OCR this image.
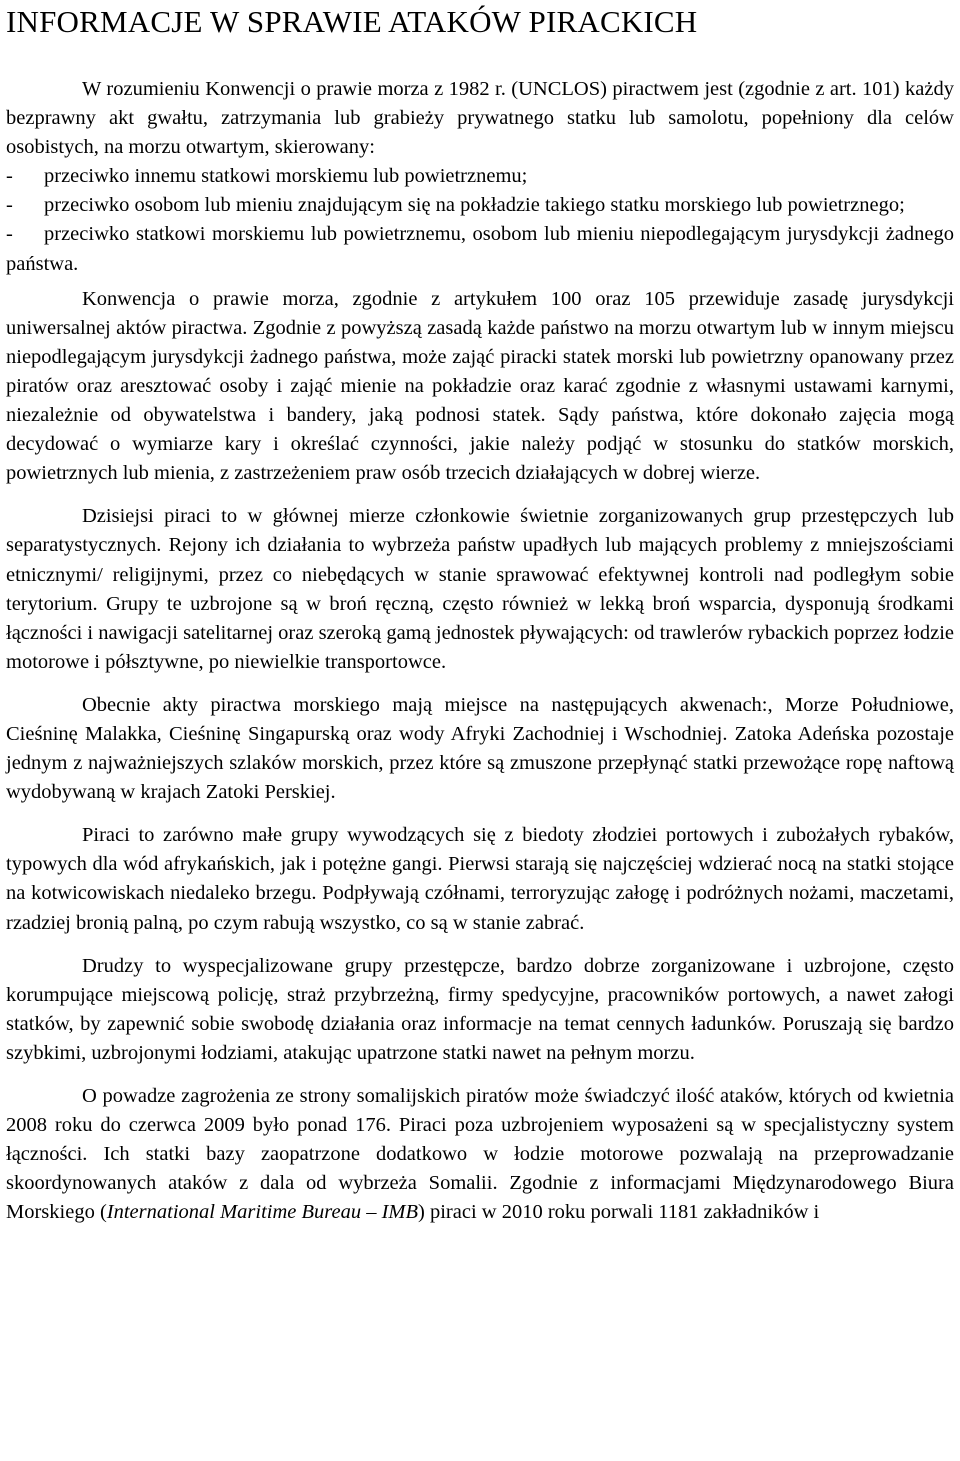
INFORMACJE W SPRAWIE ATAKÓW PIRACKICH

W rozumieniu Konwencji o prawie morza z 1982 r. (UNCLOS) piractwem jest (zgodnie z art. 101) każdy bezprawny akt gwałtu, zatrzymania lub grabieży prywatnego statku lub samolotu, popełniony dla celów osobistych, na morzu otwartym, skierowany:

-	przeciwko innemu statkowi morskiemu lub powietrznemu;
- przeciwko osobom lub mieniu znajdującym się na pokładzie takiego statku morskiego lub powietrznego;
- przeciwko statkowi morskiemu lub powietrznemu, osobom lub mieniu niepodlegającym jurysdykcji żadnego państwa.

Konwencja o prawie morza, zgodnie z artykułem 100 oraz 105 przewiduje zasadę jurysdykcji uniwersalnej aktów piractwa. Zgodnie z powyższą zasadą każde państwo na morzu otwartym lub w innym miejscu niepodlegającym jurysdykcji żadnego państwa, może zająć piracki statek morski lub powietrzny opanowany przez piratów oraz aresztować osoby i zająć mienie na pokładzie oraz karać zgodnie z własnymi ustawami karnymi, niezależnie od obywatelstwa i bandery, jaką podnosi statek. Sądy państwa, które dokonało zajęcia mogą decydować o wymiarze kary i określać czynności, jakie należy podjąć w stosunku do statków morskich, powietrznych lub mienia, z zastrzeżeniem praw osób trzecich działających w dobrej wierze.

Dzisiejsi piraci to w głównej mierze członkowie świetnie zorganizowanych grup przestępczych lub separatystycznych. Rejony ich działania to wybrzeża państw upadłych lub mających problemy z mniejszościami etnicznymi/ religijnymi, przez co niebędących w stanie sprawować efektywnej kontroli nad podległym sobie terytorium. Grupy te uzbrojone są w broń ręczną, często również w lekką broń wsparcia, dysponują środkami łączności i nawigacji satelitarnej oraz szeroką gamą jednostek pływających: od trawlerów rybackich poprzez łodzie motorowe i półsztywne, po niewielkie transportowce.

Obecnie akty piractwa morskiego mają miejsce na następujących akwenach:, Morze Południowe, Cieśninę Malakka, Cieśninę Singapurską oraz wody Afryki Zachodniej i Wschodniej. Zatoka Adeńska pozostaje jednym z najważniejszych szlaków morskich, przez które są zmuszone przepłynąć statki przewożące ropę naftową wydobywaną w krajach Zatoki Perskiej.

Piraci to zarówno małe grupy wywodzących się z biedoty złodziei portowych i zubożałych rybaków, typowych dla wód afrykańskich, jak i potężne gangi. Pierwsi starają się najczęściej wdzierać nocą na statki stojące na kotwicowiskach niedaleko brzegu. Podpływają czółnami, terroryzując załogę i podróżnych nożami, maczetami, rzadziej bronią palną, po czym rabują wszystko, co są w stanie zabrać.

Drudzy to wyspecjalizowane grupy przestępcze, bardzo dobrze zorganizowane i uzbrojone, często korumpujące miejscową policję, straż przybrzeżną, firmy spedycyjne, pracowników portowych, a nawet załogi statków, by zapewnić sobie swobodę działania oraz informacje na temat cennych ładunków. Poruszają się bardzo szybkimi, uzbrojonymi łodziami, atakując upatrzone statki nawet na pełnym morzu.

O powadze zagrożenia ze strony somalijskich piratów może świadczyć ilość ataków, których od kwietnia 2008 roku do czerwca 2009 było ponad 176. Piraci poza uzbrojeniem wyposażeni są w specjalistyczny system łączności. Ich statki bazy zaopatrzone dodatkowo w łodzie motorowe pozwalają na przeprowadzanie skoordynowanych ataków z dala od wybrzeża Somalii. Zgodnie z informacjami Międzynarodowego Biura Morskiego (International Maritime Bureau – IMB) piraci w 2010 roku porwali 1181 zakładników i
